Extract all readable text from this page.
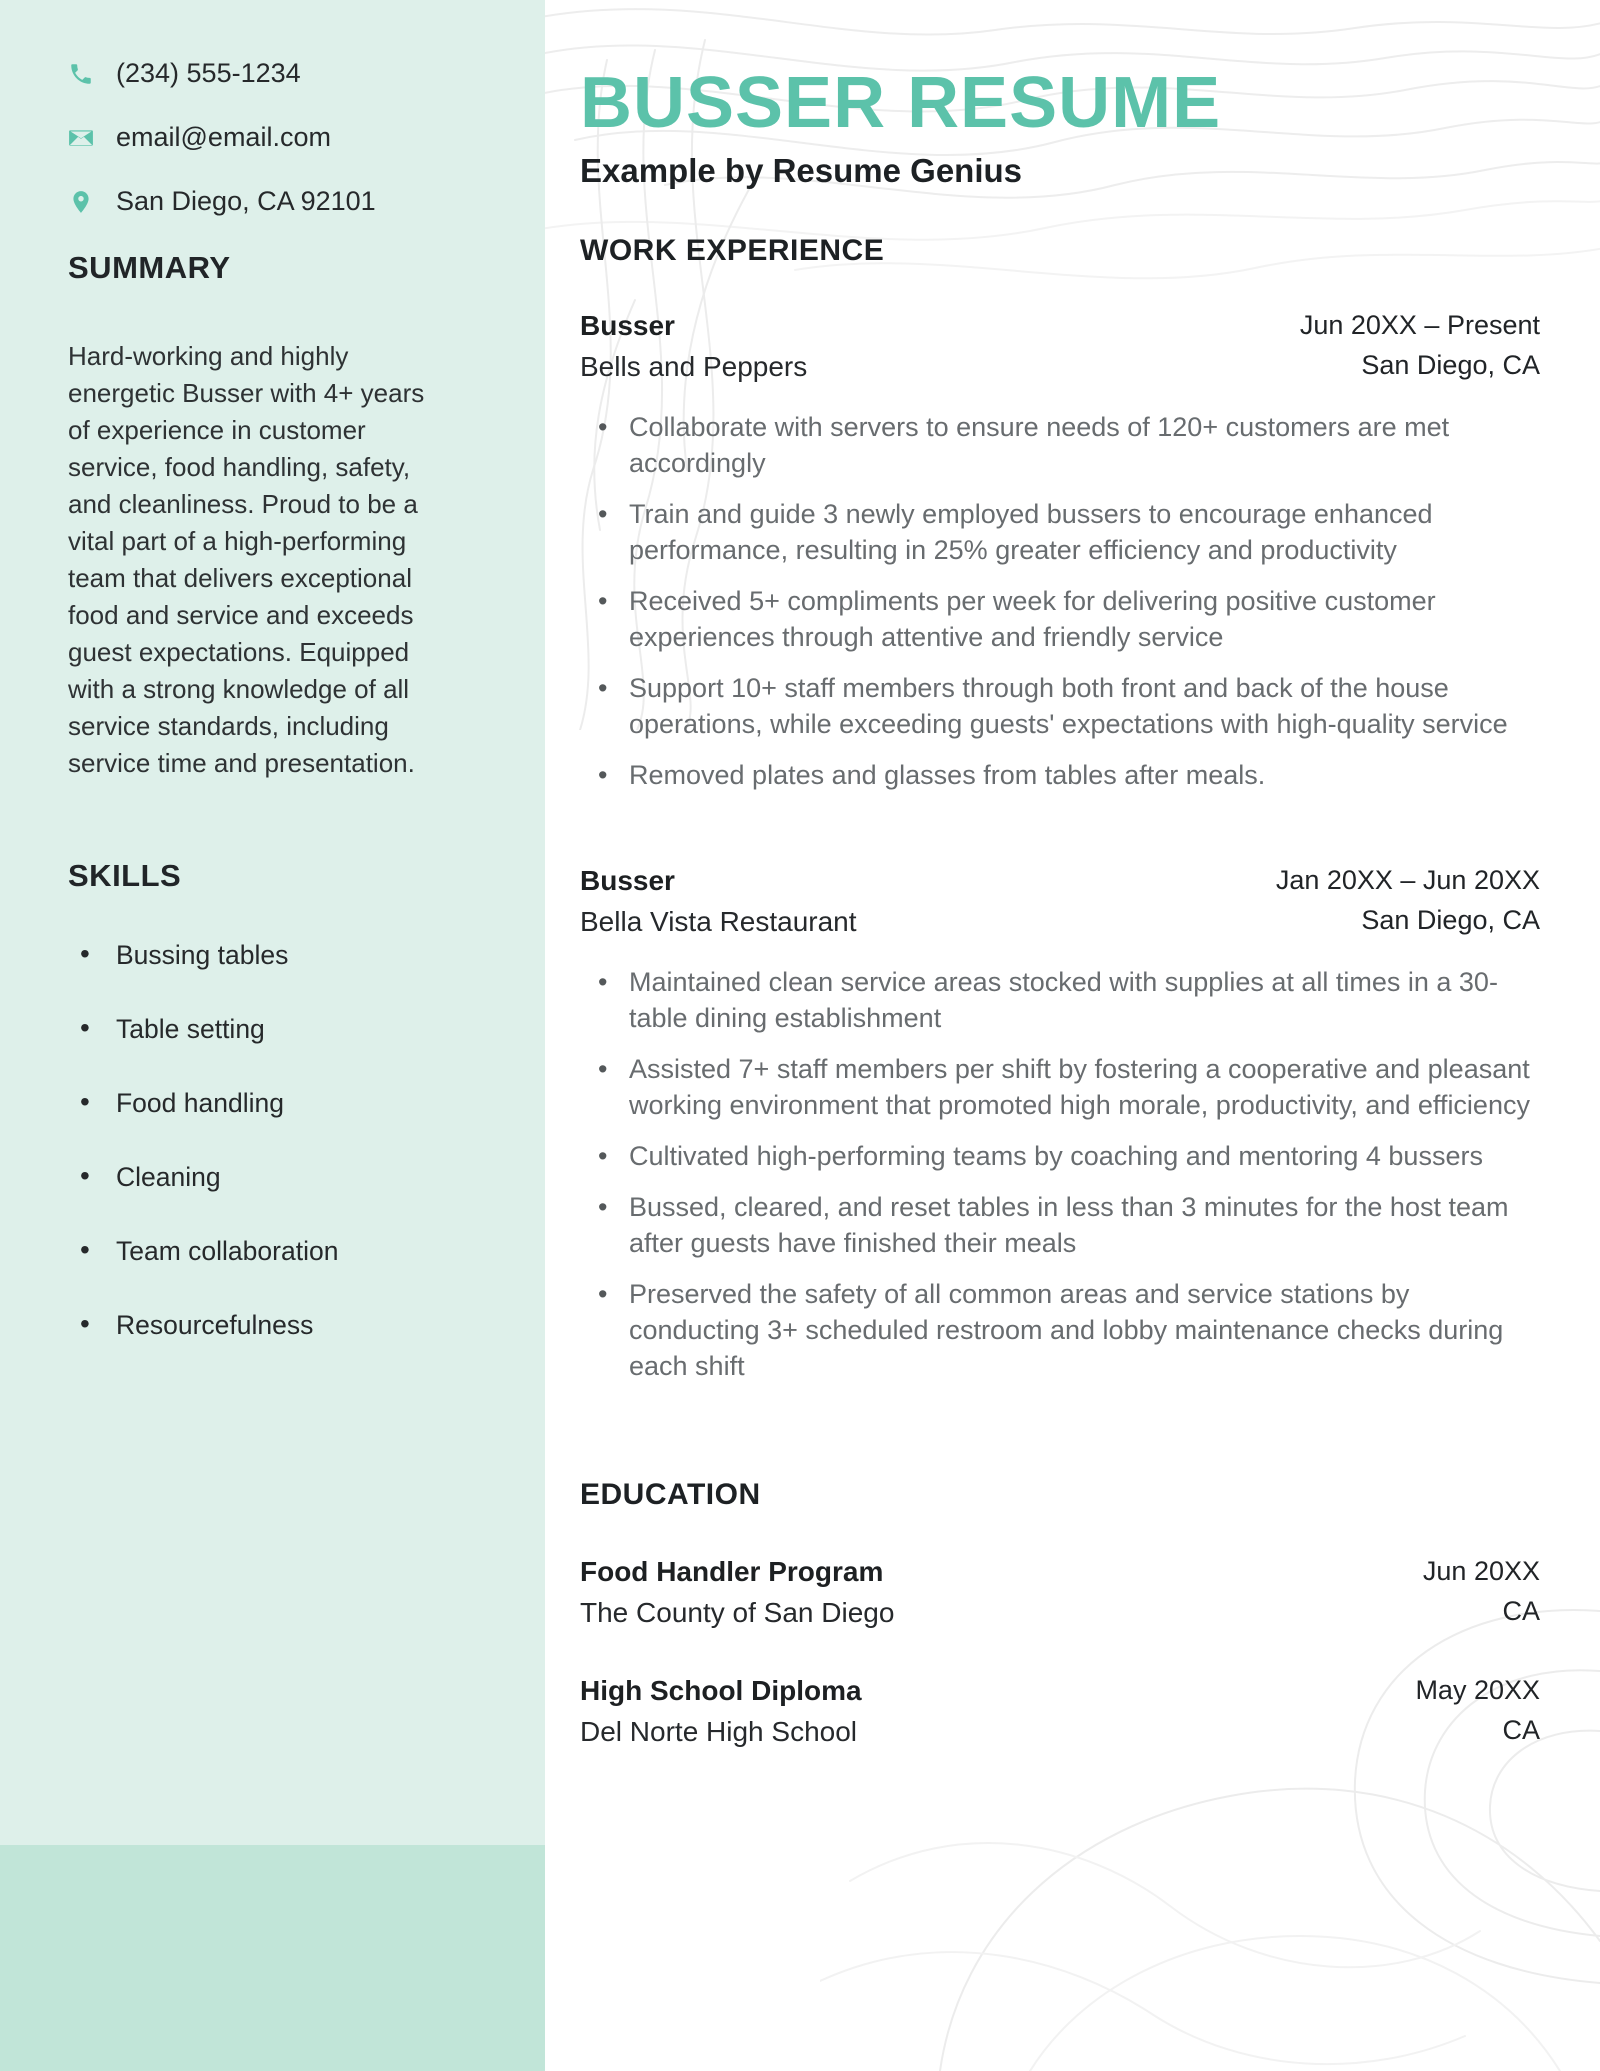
(234) 555-1234
email@email.com
San Diego, CA 92101
SUMMARY

Hard-working and highly energetic Busser with 4+ years of experience in customer service, food handling, safety, and cleanliness. Proud to be a vital part of a high-performing team that delivers exceptional food and service and exceeds guest expectations. Equipped with a strong knowledge of all service standards, including service time and presentation.

SKILLS
• Bussing tables
• Table setting
• Food handling
• Cleaning
• Team collaboration
• Resourcefulness
BUSSER RESUME
Example by Resume Genius
WORK EXPERIENCE
Busser
Bells and Peppers
Jun 20XX – Present
San Diego, CA
• Collaborate with servers to ensure needs of 120+ customers are met accordingly
• Train and guide 3 newly employed bussers to encourage enhanced performance, resulting in 25% greater efficiency and productivity
• Received 5+ compliments per week for delivering positive customer experiences through attentive and friendly service
• Support 10+ staff members through both front and back of the house operations, while exceeding guests' expectations with high-quality service
• Removed plates and glasses from tables after meals.
Busser
Bella Vista Restaurant
Jan 20XX – Jun 20XX
San Diego, CA
• Maintained clean service areas stocked with supplies at all times in a 30-table dining establishment
• Assisted 7+ staff members per shift by fostering a cooperative and pleasant working environment that promoted high morale, productivity, and efficiency
• Cultivated high-performing teams by coaching and mentoring 4 bussers
• Bussed, cleared, and reset tables in less than 3 minutes for the host team after guests have finished their meals
• Preserved the safety of all common areas and service stations by conducting 3+ scheduled restroom and lobby maintenance checks during each shift
EDUCATION
Food Handler Program
The County of San Diego
Jun 20XX
CA
High School Diploma
Del Norte High School
May 20XX
CA
